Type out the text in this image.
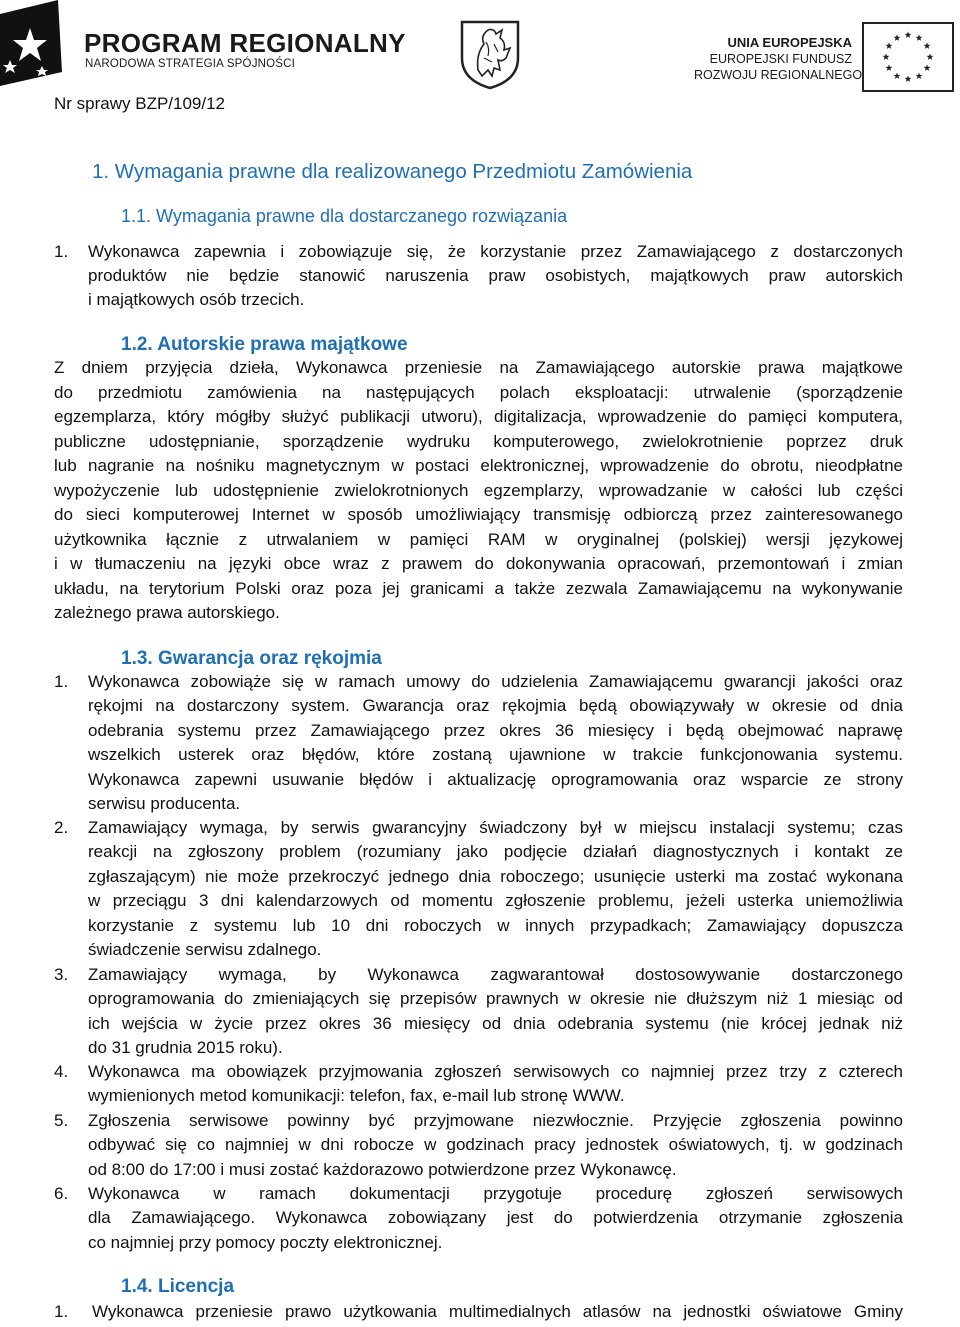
PROGRAM REGIONALNY
NARODOWA STRATEGIA SPÓJNOŚCI
UNIA EUROPEJSKA
EUROPEJSKI FUNDUSZ
ROZWOJU REGIONALNEGO
Nr sprawy BZP/109/12
1. Wymagania prawne dla realizowanego Przedmiotu Zamówienia
1.1. Wymagania prawne dla dostarczanego rozwiązania
1. Wykonawca zapewnia i zobowiązuje się, że korzystanie przez Zamawiającego z dostarczonych
produktów nie będzie stanowić naruszenia praw osobistych, majątkowych praw autorskich
i majątkowych osób trzecich.
1.2. Autorskie prawa majątkowe
Z dniem przyjęcia dzieła, Wykonawca przeniesie na Zamawiającego autorskie prawa majątkowe
do przedmiotu zamówienia na następujących polach eksploatacji: utrwalenie (sporządzenie
egzemplarza, który mógłby służyć publikacji utworu), digitalizacja, wprowadzenie do pamięci komputera,
publiczne udostępnianie, sporządzenie wydruku komputerowego, zwielokrotnienie poprzez druk
lub nagranie na nośniku magnetycznym w postaci elektronicznej, wprowadzenie do obrotu, nieodpłatne
wypożyczenie lub udostępnienie zwielokrotnionych egzemplarzy, wprowadzanie w całości lub części
do sieci komputerowej Internet w sposób umożliwiający transmisję odbiorczą przez zainteresowanego
użytkownika łącznie z utrwalaniem w pamięci RAM w oryginalnej (polskiej) wersji językowej
i w tłumaczeniu na języki obce wraz z prawem do dokonywania opracowań, przemontowań i zmian
układu, na terytorium Polski oraz poza jej granicami a także zezwala Zamawiającemu na wykonywanie
zależnego prawa autorskiego.
1.3. Gwarancja oraz rękojmia
1. Wykonawca zobowiąże się w ramach umowy do udzielenia Zamawiającemu gwarancji jakości oraz
rękojmi na dostarczony system. Gwarancja oraz rękojmia będą obowiązywały w okresie od dnia
odebrania systemu przez Zamawiającego przez okres 36 miesięcy i będą obejmować naprawę
wszelkich usterek oraz błędów, które zostaną ujawnione w trakcie funkcjonowania systemu.
Wykonawca zapewni usuwanie błędów i aktualizację oprogramowania oraz wsparcie ze strony
serwisu producenta.
2. Zamawiający wymaga, by serwis gwarancyjny świadczony był w miejscu instalacji systemu; czas
reakcji na zgłoszony problem (rozumiany jako podjęcie działań diagnostycznych i kontakt ze
zgłaszającym) nie może przekroczyć jednego dnia roboczego; usunięcie usterki ma zostać wykonana
w przeciągu 3 dni kalendarzowych od momentu zgłoszenie problemu, jeżeli usterka uniemożliwia
korzystanie z systemu lub 10 dni roboczych w innych przypadkach; Zamawiający dopuszcza
świadczenie serwisu zdalnego.
3. Zamawiający wymaga, by Wykonawca zagwarantował dostosowywanie dostarczonego
oprogramowania do zmieniających się przepisów prawnych w okresie nie dłuższym niż 1 miesiąc od
ich wejścia w życie przez okres 36 miesięcy od dnia odebrania systemu (nie krócej jednak niż
do 31 grudnia 2015 roku).
4. Wykonawca ma obowiązek przyjmowania zgłoszeń serwisowych co najmniej przez trzy z czterech
wymienionych metod komunikacji: telefon, fax, e-mail lub stronę WWW.
5. Zgłoszenia serwisowe powinny być przyjmowane niezwłocznie. Przyjęcie zgłoszenia powinno
odbywać się co najmniej w dni robocze w godzinach pracy jednostek oświatowych, tj. w godzinach
od 8:00 do 17:00 i musi zostać każdorazowo potwierdzone przez Wykonawcę.
6. Wykonawca w ramach dokumentacji przygotuje procedurę zgłoszeń serwisowych
dla Zamawiającego. Wykonawca zobowiązany jest do potwierdzenia otrzymanie zgłoszenia
co najmniej przy pomocy poczty elektronicznej.
1.4. Licencja
1. Wykonawca przeniesie prawo użytkowania multimedialnych atlasów na jednostki oświatowe Gminy
